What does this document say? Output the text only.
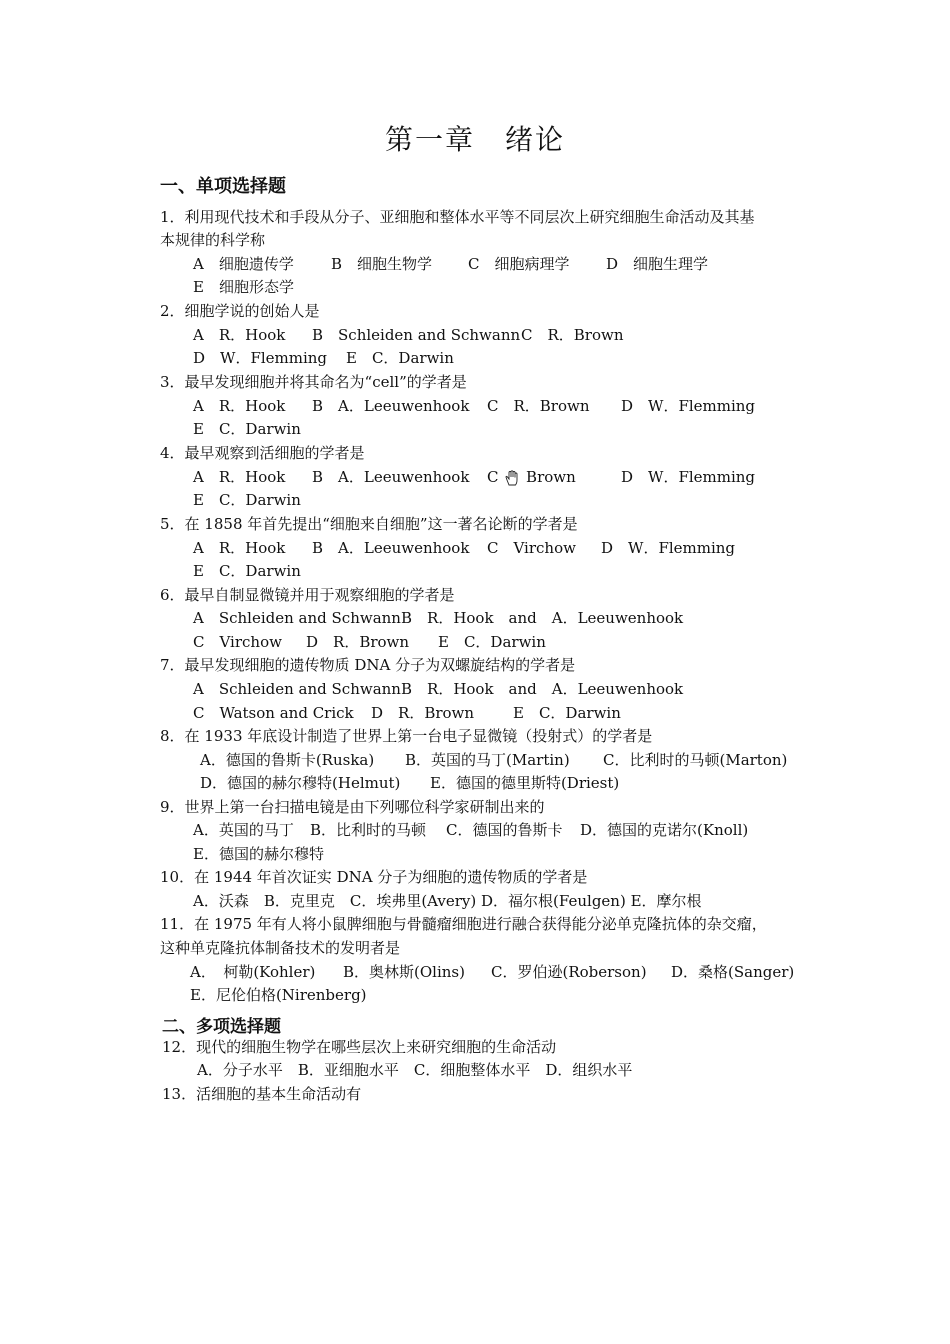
第一章　绪论
一、单项选择题
1．利用现代技术和手段从分子、亚细胞和整体水平等不同层次上研究细胞生命活动及其基
本规律的科学称
A　细胞遗传学 B　细胞生物学 C　细胞病理学 D　细胞生理学
E　细胞形态学
2．细胞学说的创始人是
A　R．Hook B　Schleiden and Schwann C　R．Brown
D　W．Flemming E　C．Darwin
3．最早发现细胞并将其命名为“cell”的学者是
A　R．Hook B　A．Leeuwenhook C　R．Brown D　W．Flemming
E　C．Darwin
4．最早观察到活细胞的学者是
A　R．Hook B　A．Leeuwenhook C Brown	D　W．Flemming
E　C．Darwin
5．在 1858 年首先提出“细胞来自细胞”这一著名论断的学者是
A　R．Hook B　A．Leeuwenhook C　Virchow D　W．Flemming
E　C．Darwin
6．最早自制显微镜并用于观察细胞的学者是
A　Schleiden and Schwann B　R．Hook　and　A．Leeuwenhook
C　Virchow D　R．Brown E　C．Darwin
7．最早发现细胞的遗传物质 DNA 分子为双螺旋结构的学者是
A　Schleiden and Schwann B　R．Hook　and　A．Leeuwenhook
C　Watson and Crick D　R．Brown	E　C．Darwin
8．在 1933 年底设计制造了世界上第一台电子显微镜（投射式）的学者是
A．德国的鲁斯卡(Ruska) B．英国的马丁(Martin) C．比利时的马顿(Marton)
D．德国的赫尔穆特(Helmut) E．德国的德里斯特(Driest)
9．世界上第一台扫描电镜是由下列哪位科学家研制出来的
A．英国的马丁 B．比利时的马顿 C．德国的鲁斯卡 D．德国的克诺尔(Knoll)
E．德国的赫尔穆特
10．在 1944 年首次证实 DNA 分子为细胞的遗传物质的学者是
A．沃森　B．克里克　C．埃弗里(Avery) D．福尔根(Feulgen) E．摩尔根
11．在 1975 年有人将小鼠脾细胞与骨髓瘤细胞进行融合获得能分泌单克隆抗体的杂交瘤，
这种单克隆抗体制备技术的发明者是
A．　柯勒(Kohler) B．奥林斯(Olins) C．罗伯逊(Roberson) D．桑格(Sanger)
E．尼伦伯格(Nirenberg)
二、多项选择题
12．现代的细胞生物学在哪些层次上来研究细胞的生命活动
A．分子水平　B．亚细胞水平　C．细胞整体水平　D．组织水平
13．活细胞的基本生命活动有
